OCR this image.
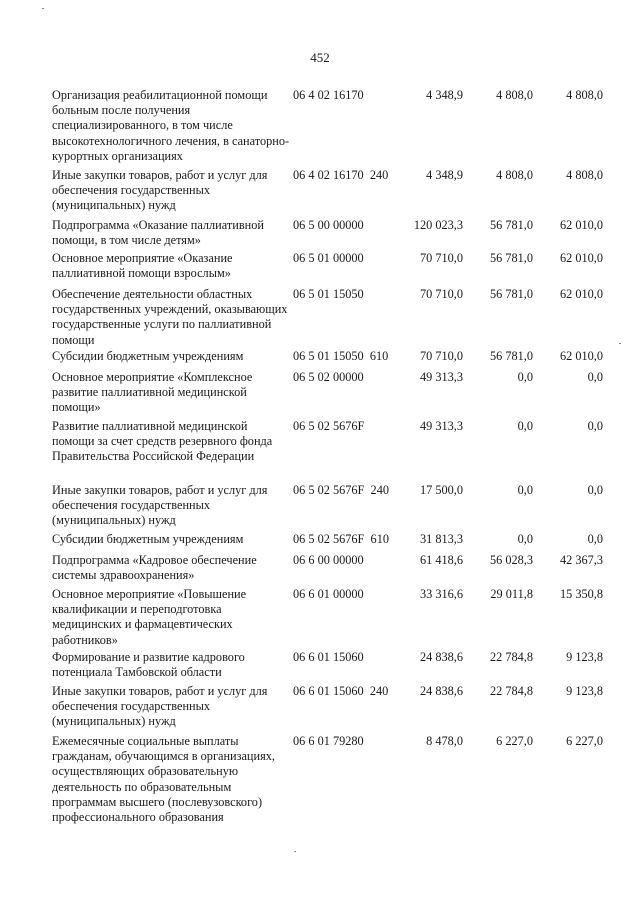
452
Организация реабилитационной помощи больным после получения специализированного, в том числе высокотехнологичного лечения, в санаторно-курортных организациях
06 4 02 16170	4 348,9	4 808,0	4 808,0
Иные закупки товаров, работ и услуг для обеспечения государственных (муниципальных) нужд
06 4 02 16170  240	4 348,9	4 808,0	4 808,0
Подпрограмма «Оказание паллиативной помощи, в том числе детям»
06 5 00 00000	120 023,3	56 781,0	62 010,0
Основное мероприятие «Оказание паллиативной помощи взрослым»
06 5 01 00000	70 710,0	56 781,0	62 010,0
Обеспечение деятельности областных государственных учреждений, оказывающих государственные услуги по паллиативной помощи
06 5 01 15050	70 710,0	56 781,0	62 010,0
Субсидии бюджетным учреждениям	06 5 01 15050  610	70 710,0	56 781,0	62 010,0
Основное мероприятие «Комплексное развитие паллиативной медицинской помощи»
06 5 02 00000	49 313,3	0,0	0,0
Развитие паллиативной медицинской помощи за счет средств резервного фонда Правительства Российской Федерации
06 5 02 5676F	49 313,3	0,0	0,0
Иные закупки товаров, работ и услуг для обеспечения государственных (муниципальных) нужд
06 5 02 5676F  240	17 500,0	0,0	0,0
Субсидии бюджетным учреждениям	06 5 02 5676F  610	31 813,3	0,0	0,0
Подпрограмма «Кадровое обеспечение системы здравоохранения»
06 6 00 00000	61 418,6	56 028,3	42 367,3
Основное мероприятие «Повышение квалификации и переподготовка медицинских и фармацевтических работников»
06 6 01 00000	33 316,6	29 011,8	15 350,8
Формирование и развитие кадрового потенциала Тамбовской области
06 6 01 15060	24 838,6	22 784,8	9 123,8
Иные закупки товаров, работ и услуг для обеспечения государственных (муниципальных) нужд
06 6 01 15060  240	24 838,6	22 784,8	9 123,8
Ежемесячные социальные выплаты гражданам, обучающимся в организациях, осуществляющих образовательную деятельность по образовательным программам высшего (послевузовского) профессионального образования
06 6 01 79280	8 478,0	6 227,0	6 227,0
